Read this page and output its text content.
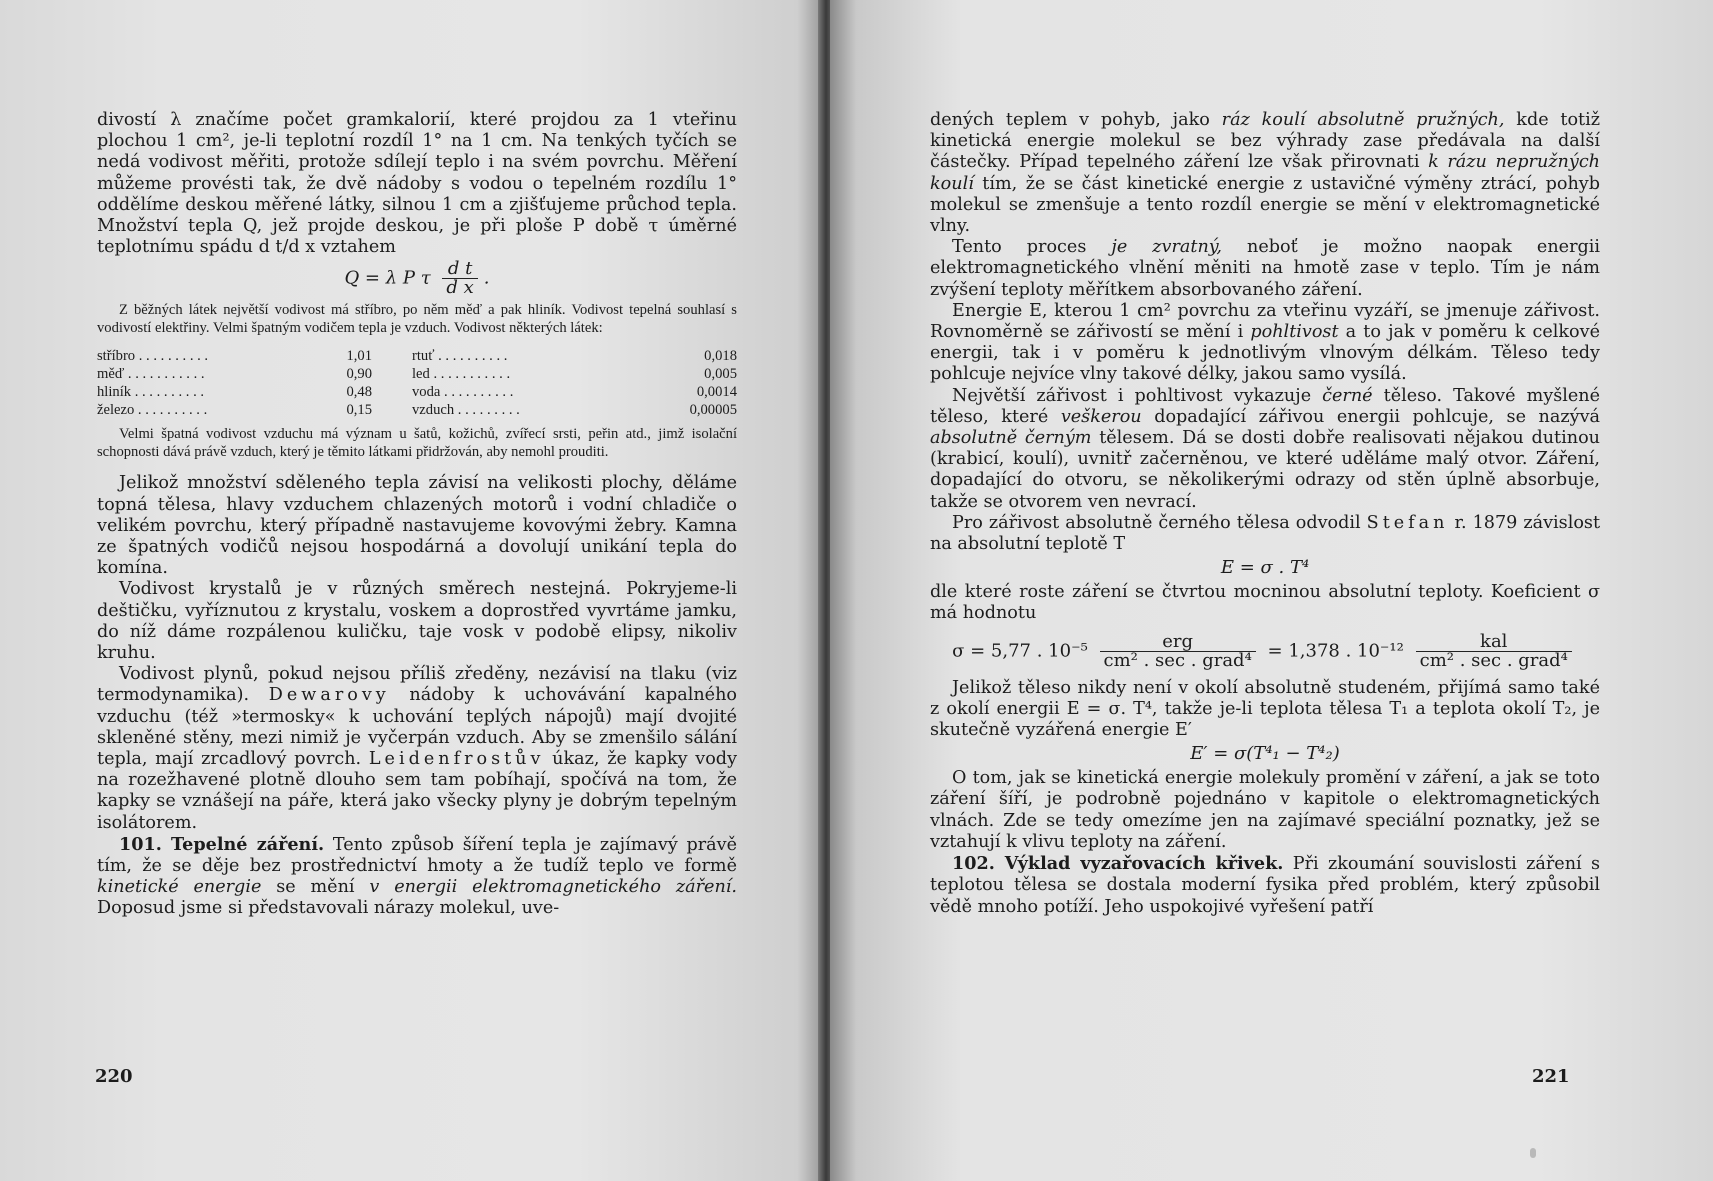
divostí λ značíme počet gramkalorií, které projdou za 1 vteřinu plochou 1 cm², je-li teplotní rozdíl 1° na 1 cm. Na tenkých tyčích se nedá vodivost měřiti, protože sdílejí teplo i na svém povrchu. Měření můžeme provésti tak, že dvě nádoby s vodou o tepelném rozdílu 1° oddělíme deskou měřené látky, silnou 1 cm a zjišťujeme průchod tepla. Množství tepla Q, jež projde deskou, je při ploše P době τ úměrné teplotnímu spádu d t/d x vztahem

Q = λ P τ $\frac{\text{d t}}{\text{d x}}$ .

Z běžných látek největší vodivost má stříbro, po něm měď a pak hliník. Vodivost tepelná souhlasí s vodivostí elektřiny. Velmi špatným vodičem tepla je vzduch. Vodivost některých látek:

stříbro . . . . . . . . . .	1,01		rtuť . . . . . . . . . .	0,018
měď . . . . . . . . . . .	0,90		led . . . . . . . . . . .	0,005
hliník . . . . . . . . . .	0,48		voda . . . . . . . . . .	0,0014
železo . . . . . . . . . .	0,15		vzduch . . . . . . . . .	0,00005

Velmi špatná vodivost vzduchu má význam u šatů, kožichů, zvířecí srsti, peřin atd., jimž isolační schopnosti dává právě vzduch, který je těmito látkami přidržován, aby nemohl prouditi.

Jelikož množství sděleného tepla závisí na velikosti plochy, děláme topná tělesa, hlavy vzduchem chlazených motorů i vodní chladiče o velikém povrchu, který případně nastavujeme kovovými žebry. Kamna ze špatných vodičů nejsou hospodárná a dovolují unikání tepla do komína.

Vodivost krystalů je v různých směrech nestejná. Pokryjeme-li deštičku, vyříznutou z krystalu, voskem a doprostřed vyvrtáme jamku, do níž dáme rozpálenou kuličku, taje vosk v podobě elipsy, nikoliv kruhu.

Vodivost plynů, pokud nejsou příliš zředěny, nezávisí na tlaku (viz termodynamika). Dewarovy nádoby k uchovávání kapalného vzduchu (též »termosky« k uchování teplých nápojů) mají dvojité skleněné stěny, mezi nimiž je vyčerpán vzduch. Aby se zmenšilo sálání tepla, mají zrcadlový povrch. Leidenfrostův úkaz, že kapky vody na rozežhavené plotně dlouho sem tam pobíhají, spočívá na tom, že kapky se vznášejí na páře, která jako všecky plyny je dobrým tepelným isolátorem.

101. Tepelné záření. Tento způsob šíření tepla je zajímavý právě tím, že se děje bez prostřednictví hmoty a že tudíž teplo ve formě kinetické energie se mění v energii elektromagnetického záření. Doposud jsme si představovali nárazy molekul, uve-

220

dených teplem v pohyb, jako ráz koulí absolutně pružných, kde totiž kinetická energie molekul se bez výhrady zase předávala na další částečky. Případ tepelného záření lze však přirovnati k rázu nepružných koulí tím, že se část kinetické energie z ustavičné výměny ztrácí, pohyb molekul se zmenšuje a tento rozdíl energie se mění v elektromagnetické vlny.

Tento proces je zvratný, neboť je možno naopak energii elektromagnetického vlnění měniti na hmotě zase v teplo. Tím je nám zvýšení teploty měřítkem absorbovaného záření.

Energie E, kterou 1 cm² povrchu za vteřinu vyzáří, se jmenuje zářivost. Rovnoměrně se zářivostí se mění i pohltivost a to jak v poměru k celkové energii, tak i v poměru k jednotlivým vlnovým délkám. Těleso tedy pohlcuje nejvíce vlny takové délky, jakou samo vysílá.

Největší zářivost i pohltivost vykazuje černé těleso. Takové myšlené těleso, které veškerou dopadající zářivou energii pohlcuje, se nazývá absolutně černým tělesem. Dá se dosti dobře realisovati nějakou dutinou (krabicí, koulí), uvnitř začerněnou, ve které uděláme malý otvor. Záření, dopadající do otvoru, se několikerými odrazy od stěn úplně absorbuje, takže se otvorem ven nevrací.

Pro zářivost absolutně černého tělesa odvodil Stefan r. 1879 závislost na absolutní teplotě T

E = σ . T⁴

dle které roste záření se čtvrtou mocninou absolutní teploty. Koeficient σ má hodnotu

σ = 5,77 . $10^{-5} \frac{\text{erg}}{\text{cm² . sec . grad⁴}} = 1,378$ . $10^{-12} \frac{\text{kal}}{\text{cm² . sec . grad⁴}}$

Jelikož těleso nikdy není v okolí absolutně studeném, přijímá samo také z okolí energii E = σ. T⁴, takže je-li teplota tělesa T₁ a teplota okolí T₂, je skutečně vyzářená energie E′

E′ = σ(T⁴₁ − T⁴₂)

O tom, jak se kinetická energie molekuly promění v záření, a jak se toto záření šíří, je podrobně pojednáno v kapitole o elektromagnetických vlnách. Zde se tedy omezíme jen na zajímavé speciální poznatky, jež se vztahují k vlivu teploty na záření.

102. Výklad vyzařovacích křivek. Při zkoumání souvislosti záření s teplotou tělesa se dostala moderní fysika před problém, který způsobil vědě mnoho potíží. Jeho uspokojivé vyřešení patří

221
